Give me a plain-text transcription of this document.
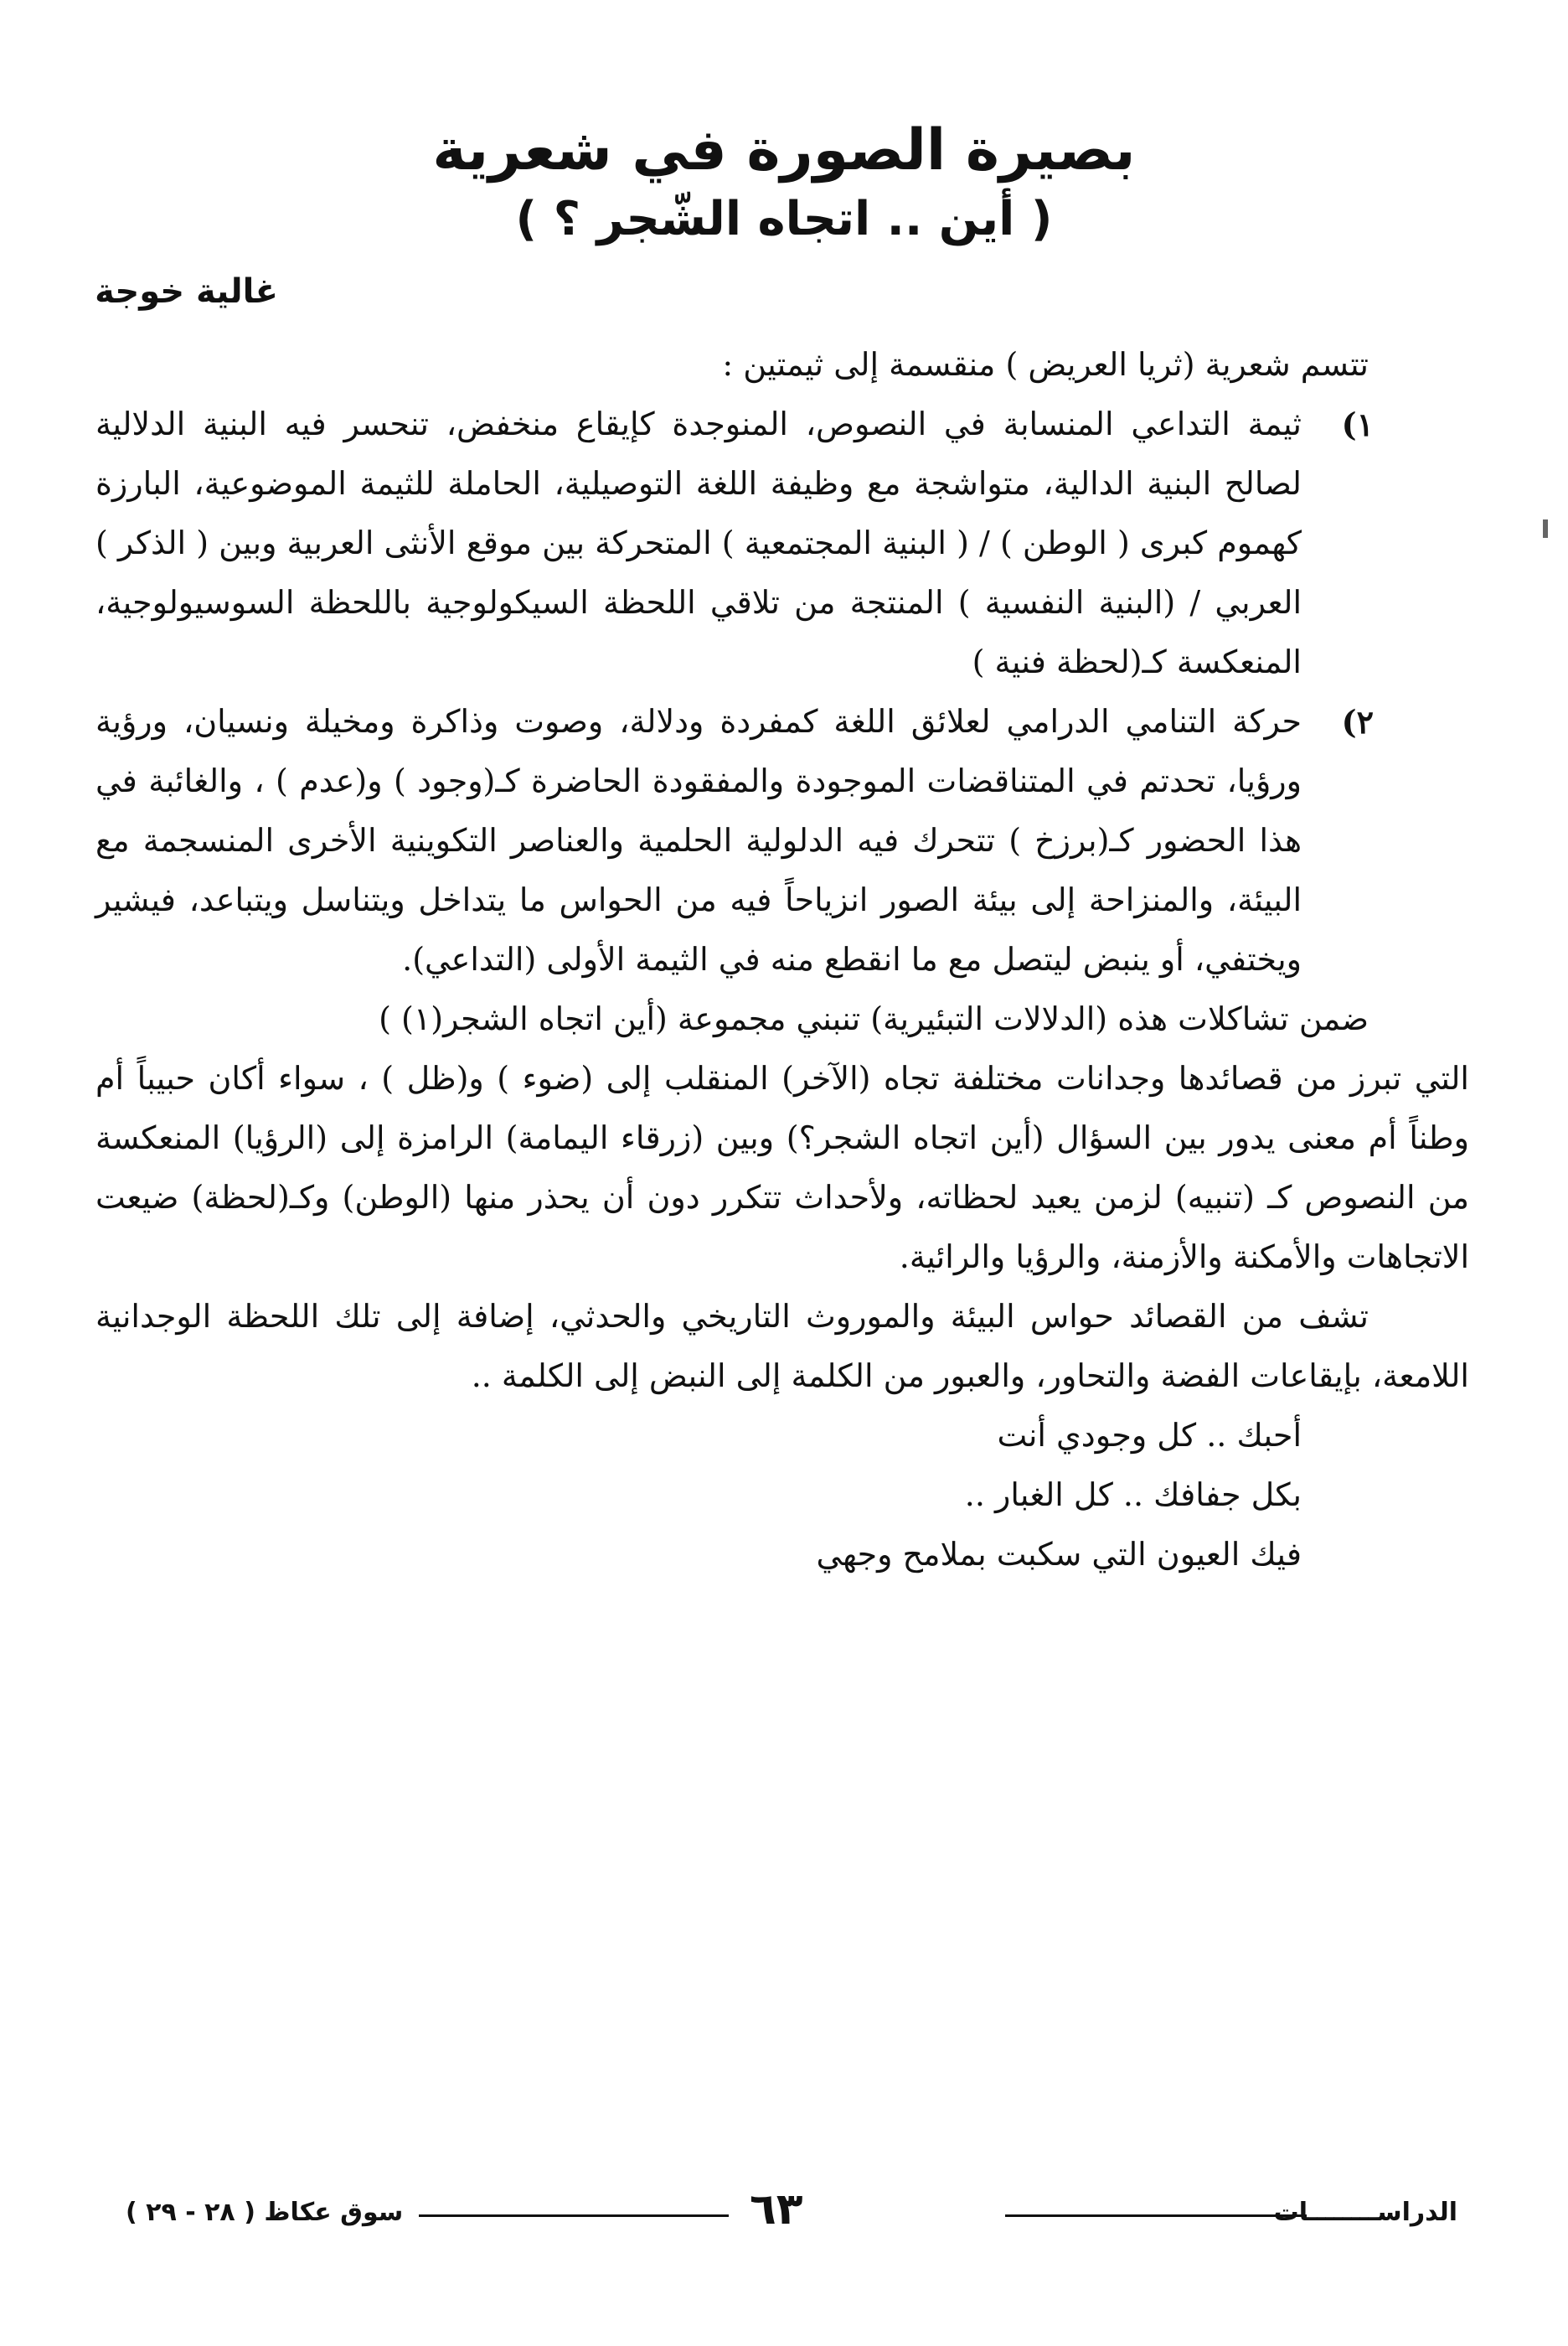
بصيرة الصورة في شعرية
( أين .. اتجاه الشّجر ؟ )
غالية خوجة

تتسم شعرية (ثريا العريض ) منقسمة إلى ثيمتين :

١)
ثيمة التداعي المنسابة في النصوص، المنوجدة كإيقاع منخفض، تنحسر فيه البنية الدلالية لصالح البنية الدالية، متواشجة مع وظيفة اللغة التوصيلية، الحاملة للثيمة الموضوعية، البارزة كهموم كبرى ( الوطن ) / ( البنية المجتمعية ) المتحركة بين موقع الأنثى العربية وبين ( الذكر ) العربي / (البنية النفسية ) المنتجة من تلاقي اللحظة السيكولوجية باللحظة السوسيولوجية، المنعكسة كـ(لحظة فنية )
٢)
حركة التنامي الدرامي لعلائق اللغة كمفردة ودلالة، وصوت وذاكرة ومخيلة ونسيان، ورؤية ورؤيا، تحدتم في المتناقضات الموجودة والمفقودة الحاضرة كـ(وجود ) و(عدم ) ، والغائبة في هذا الحضور كـ(برزخ ) تتحرك فيه الدلولية الحلمية والعناصر التكوينية الأخرى المنسجمة مع البيئة، والمنزاحة إلى بيئة الصور انزياحاً فيه من الحواس ما يتداخل ويتناسل ويتباعد، فيشير ويختفي، أو ينبض ليتصل مع ما انقطع منه في الثيمة الأولى (التداعي).

ضمن تشاكلات هذه (الدلالات التبئيرية) تنبني مجموعة (أين اتجاه الشجر(١) )

التي تبرز من قصائدها وجدانات مختلفة تجاه (الآخر) المنقلب إلى (ضوء ) و(ظل ) ، سواء أكان حبيباً أم وطناً أم معنى يدور بين السؤال (أين اتجاه الشجر؟) وبين (زرقاء اليمامة) الرامزة إلى (الرؤيا) المنعكسة من النصوص كـ (تنبيه) لزمن يعيد لحظاته، ولأحداث تتكرر دون أن يحذر منها (الوطن) وكـ(لحظة) ضيعت الاتجاهات والأمكنة والأزمنة، والرؤيا والرائية.

تشف من القصائد حواس البيئة والموروث التاريخي والحدثي، إضافة إلى تلك اللحظة الوجدانية اللامعة، بإيقاعات الفضة والتحاور، والعبور من الكلمة إلى النبض إلى الكلمة ..

أحبك .. كل وجودي أنت
بكل جفافك .. كل الغبار ..
فيك العيون التي سكبت بملامح وجهي
سوق عكاظ ( ٢٨ - ٢٩ )	٦٣	الدراســــــــات
